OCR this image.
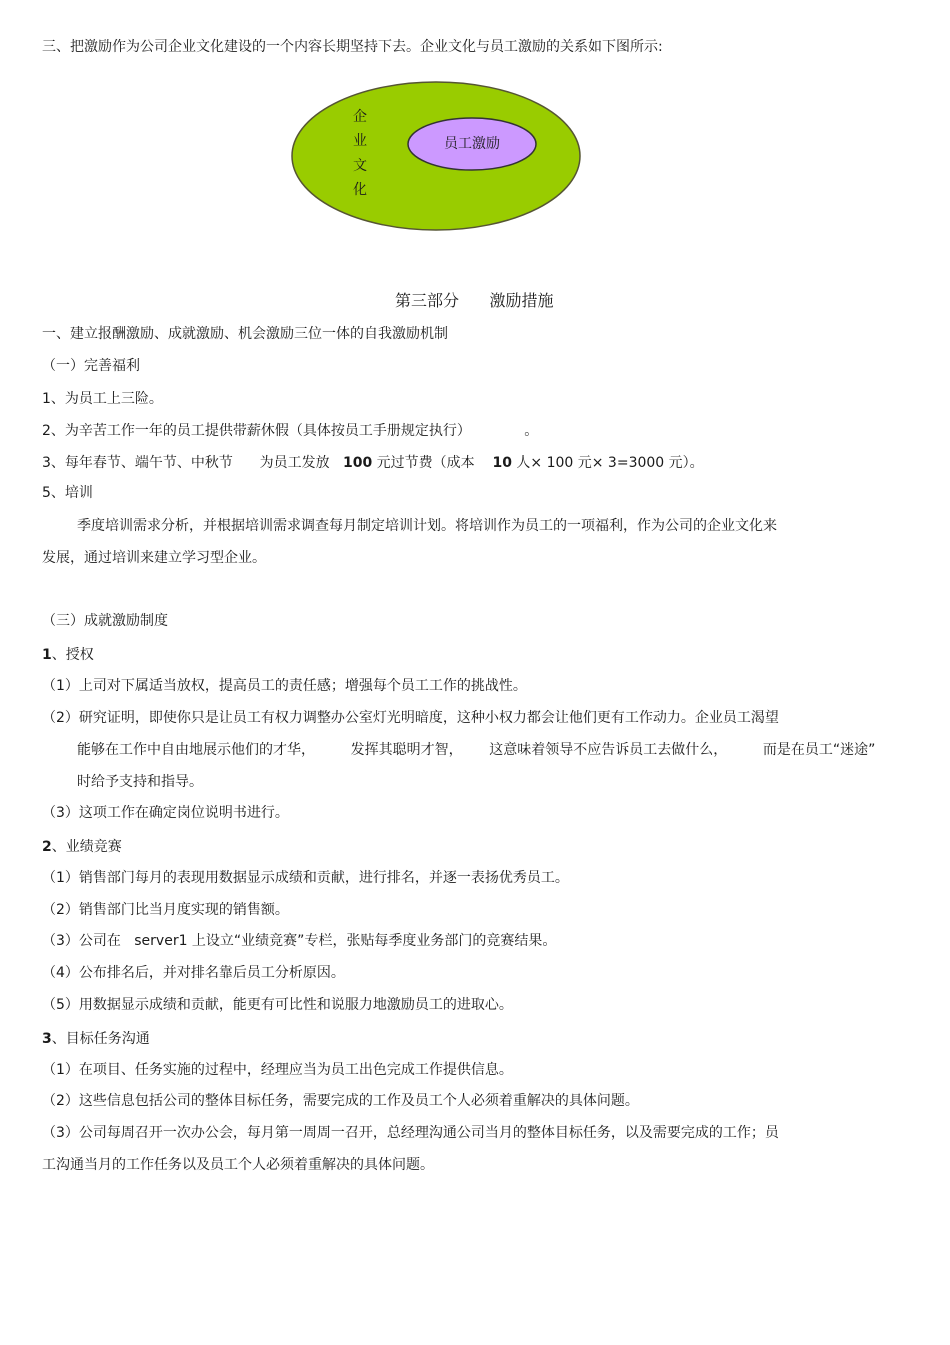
三、把激励作为公司企业文化建设的一个内容长期坚持下去。企业文化与员工激励的关系如下图所示:
企
业
文
化
员工激励
第三部分      激励措施
一、建立报酬激励、成就激励、机会激励三位一体的自我激励机制
（一）完善福利
1、为员工上三险。
2、为辛苦工作一年的员工提供带薪休假（具体按员工手册规定执行）            。
3、每年春节、端午节、中秋节      为员工发放   100 元过节费（成本    10 人× 100 元× 3=3000 元）。
5、培训
季度培训需求分析，并根据培训需求调查每月制定培训计划。将培训作为员工的一项福利，作为公司的企业文化来
发展，通过培训来建立学习型企业。
（三）成就激励制度
1、授权
（1）上司对下属适当放权，提高员工的责任感；增强每个员工工作的挑战性。
（2）研究证明，即使你只是让员工有权力调整办公室灯光明暗度，这种小权力都会让他们更有工作动力。企业员工渴望
能够在工作中自由地展示他们的才华，        发挥其聪明才智，      这意味着领导不应告诉员工去做什么，        而是在员工“迷途”
时给予支持和指导。
（3）这项工作在确定岗位说明书进行。
2、业绩竞赛
（1）销售部门每月的表现用数据显示成绩和贡献，进行排名，并逐一表扬优秀员工。
（2）销售部门比当月度实现的销售额。
（3）公司在   server1 上设立“业绩竞赛”专栏，张贴每季度业务部门的竞赛结果。
（4）公布排名后，并对排名靠后员工分析原因。
（5）用数据显示成绩和贡献，能更有可比性和说服力地激励员工的进取心。
3、目标任务沟通
（1）在项目、任务实施的过程中，经理应当为员工出色完成工作提供信息。
（2）这些信息包括公司的整体目标任务，需要完成的工作及员工个人必须着重解决的具体问题。
（3）公司每周召开一次办公会，每月第一周周一召开，总经理沟通公司当月的整体目标任务，以及需要完成的工作；员
工沟通当月的工作任务以及员工个人必须着重解决的具体问题。
